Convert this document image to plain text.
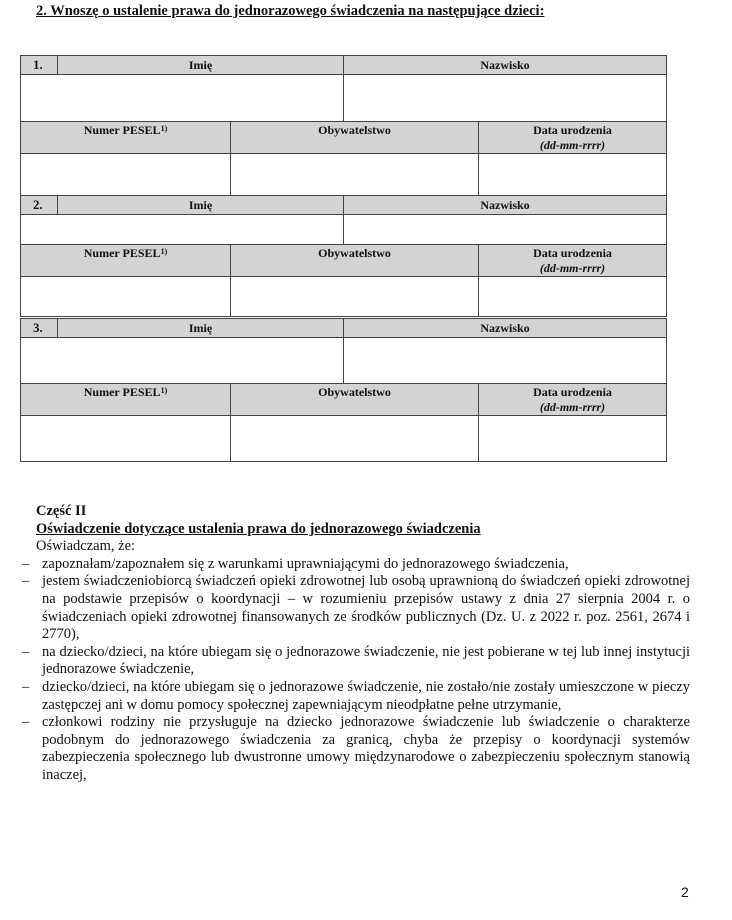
2. Wnoszę o ustalenie prawa do jednorazowego świadczenia na następujące dzieci:
1.	Imię		Nazwisko	

Numer PESEL$^{1)}$		Obywatelstwo		Data urodzenia
(dd-mm-rrrr)

2.	Imię		Nazwisko	

Numer PESEL$^{1)}$		Obywatelstwo		Data urodzenia
(dd-mm-rrrr)

3.	Imię		Nazwisko	

Numer PESEL$^{1)}$		Obywatelstwo		Data urodzenia
(dd-mm-rrrr)

Część II
Oświadczenie dotyczące ustalenia prawa do jednorazowego świadczenia
Oświadczam, że:
– zapoznałam/zapoznałem się z warunkami uprawniającymi do jednorazowego świadczenia,
– jestem świadczeniobiorcą świadczeń opieki zdrowotnej lub osobą uprawnioną do świadczeń opieki zdrowotnej na podstawie przepisów o koordynacji – w rozumieniu przepisów ustawy z dnia 27 sierpnia 2004 r. o świadczeniach opieki zdrowotnej finansowanych ze środków publicznych (Dz. U. z 2022 r. poz. 2561, 2674 i 2770),
– na dziecko/dzieci, na które ubiegam się o jednorazowe świadczenie, nie jest pobierane w tej lub innej instytucji jednorazowe świadczenie,
– dziecko/dzieci, na które ubiegam się o jednorazowe świadczenie, nie zostało/nie zostały umieszczone w pieczy zastępczej ani w domu pomocy społecznej zapewniającym nieodpłatne pełne utrzymanie,
– członkowi rodziny nie przysługuje na dziecko jednorazowe świadczenie lub świadczenie o charakterze podobnym do jednorazowego świadczenia za granicą, chyba że przepisy o koordynacji systemów zabezpieczenia społecznego lub dwustronne umowy międzynarodowe o zabezpieczeniu społecznym stanowią inaczej,
2
